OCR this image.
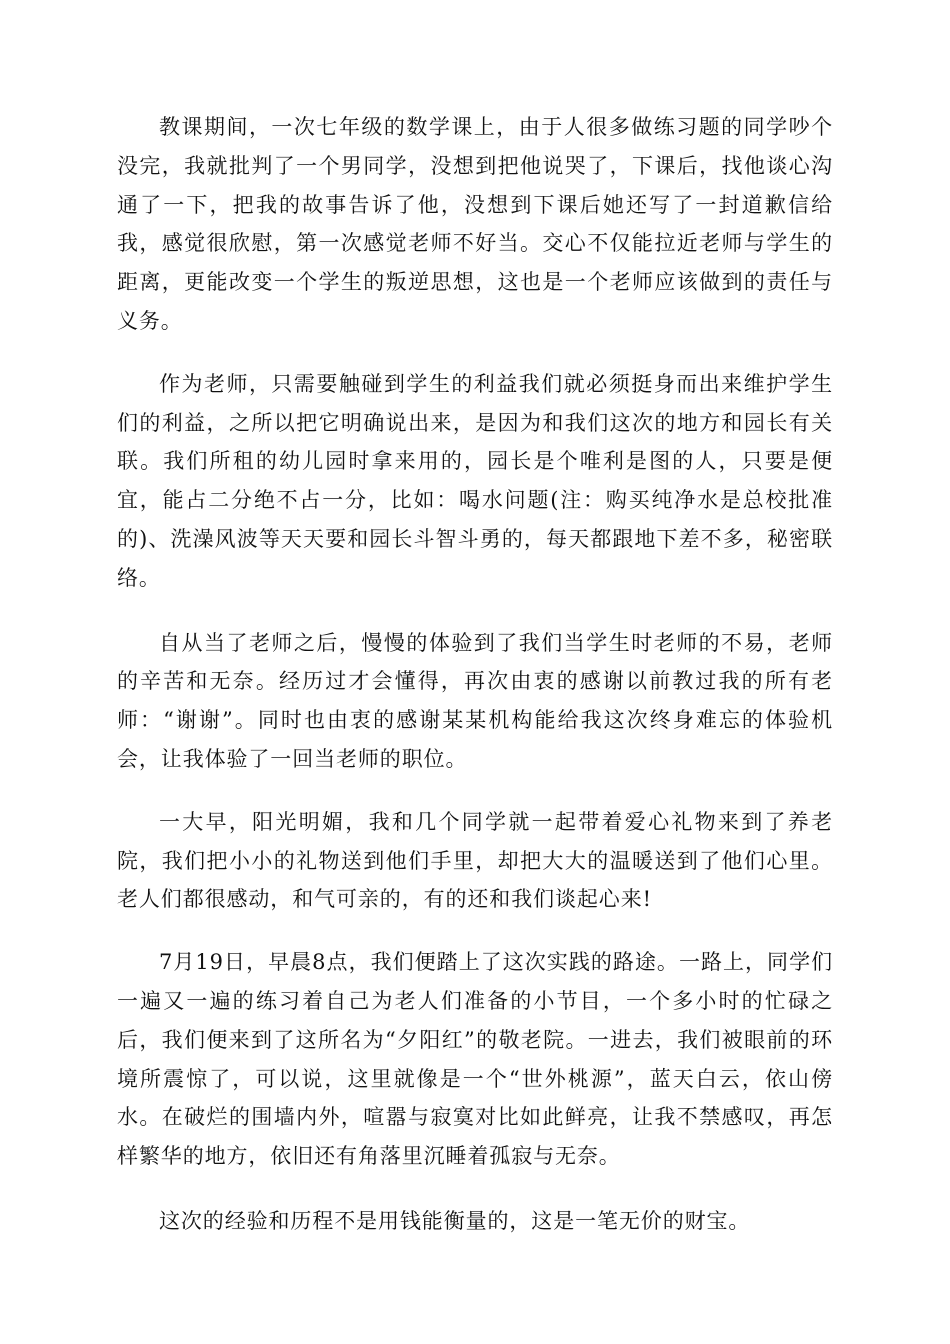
教课期间，一次七年级的数学课上，由于人很多做练习题的同学吵个没完，我就批判了一个男同学，没想到把他说哭了，下课后，找他谈心沟通了一下，把我的故事告诉了他，没想到下课后她还写了一封道歉信给我，感觉很欣慰，第一次感觉老师不好当。交心不仅能拉近老师与学生的距离，更能改变一个学生的叛逆思想，这也是一个老师应该做到的责任与义务。

作为老师，只需要触碰到学生的利益我们就必须挺身而出来维护学生们的利益，之所以把它明确说出来，是因为和我们这次的地方和园长有关联。我们所租的幼儿园时拿来用的，园长是个唯利是图的人，只要是便宜，能占二分绝不占一分，比如：喝水问题(注：购买纯净水是总校批准的)、洗澡风波等天天要和园长斗智斗勇的，每天都跟地下差不多，秘密联络。

自从当了老师之后，慢慢的体验到了我们当学生时老师的不易，老师的辛苦和无奈。经历过才会懂得，再次由衷的感谢以前教过我的所有老师：“谢谢”。同时也由衷的感谢某某机构能给我这次终身难忘的体验机会，让我体验了一回当老师的职位。

一大早，阳光明媚，我和几个同学就一起带着爱心礼物来到了养老院，我们把小小的礼物送到他们手里，却把大大的温暖送到了他们心里。老人们都很感动，和气可亲的，有的还和我们谈起心来!

7月19日，早晨8点，我们便踏上了这次实践的路途。一路上，同学们一遍又一遍的练习着自己为老人们准备的小节目，一个多小时的忙碌之后，我们便来到了这所名为“夕阳红”的敬老院。一进去，我们被眼前的环境所震惊了，可以说，这里就像是一个“世外桃源”，蓝天白云，依山傍水。在破烂的围墙内外，喧嚣与寂寞对比如此鲜亮，让我不禁感叹，再怎样繁华的地方，依旧还有角落里沉睡着孤寂与无奈。

这次的经验和历程不是用钱能衡量的，这是一笔无价的财宝。
